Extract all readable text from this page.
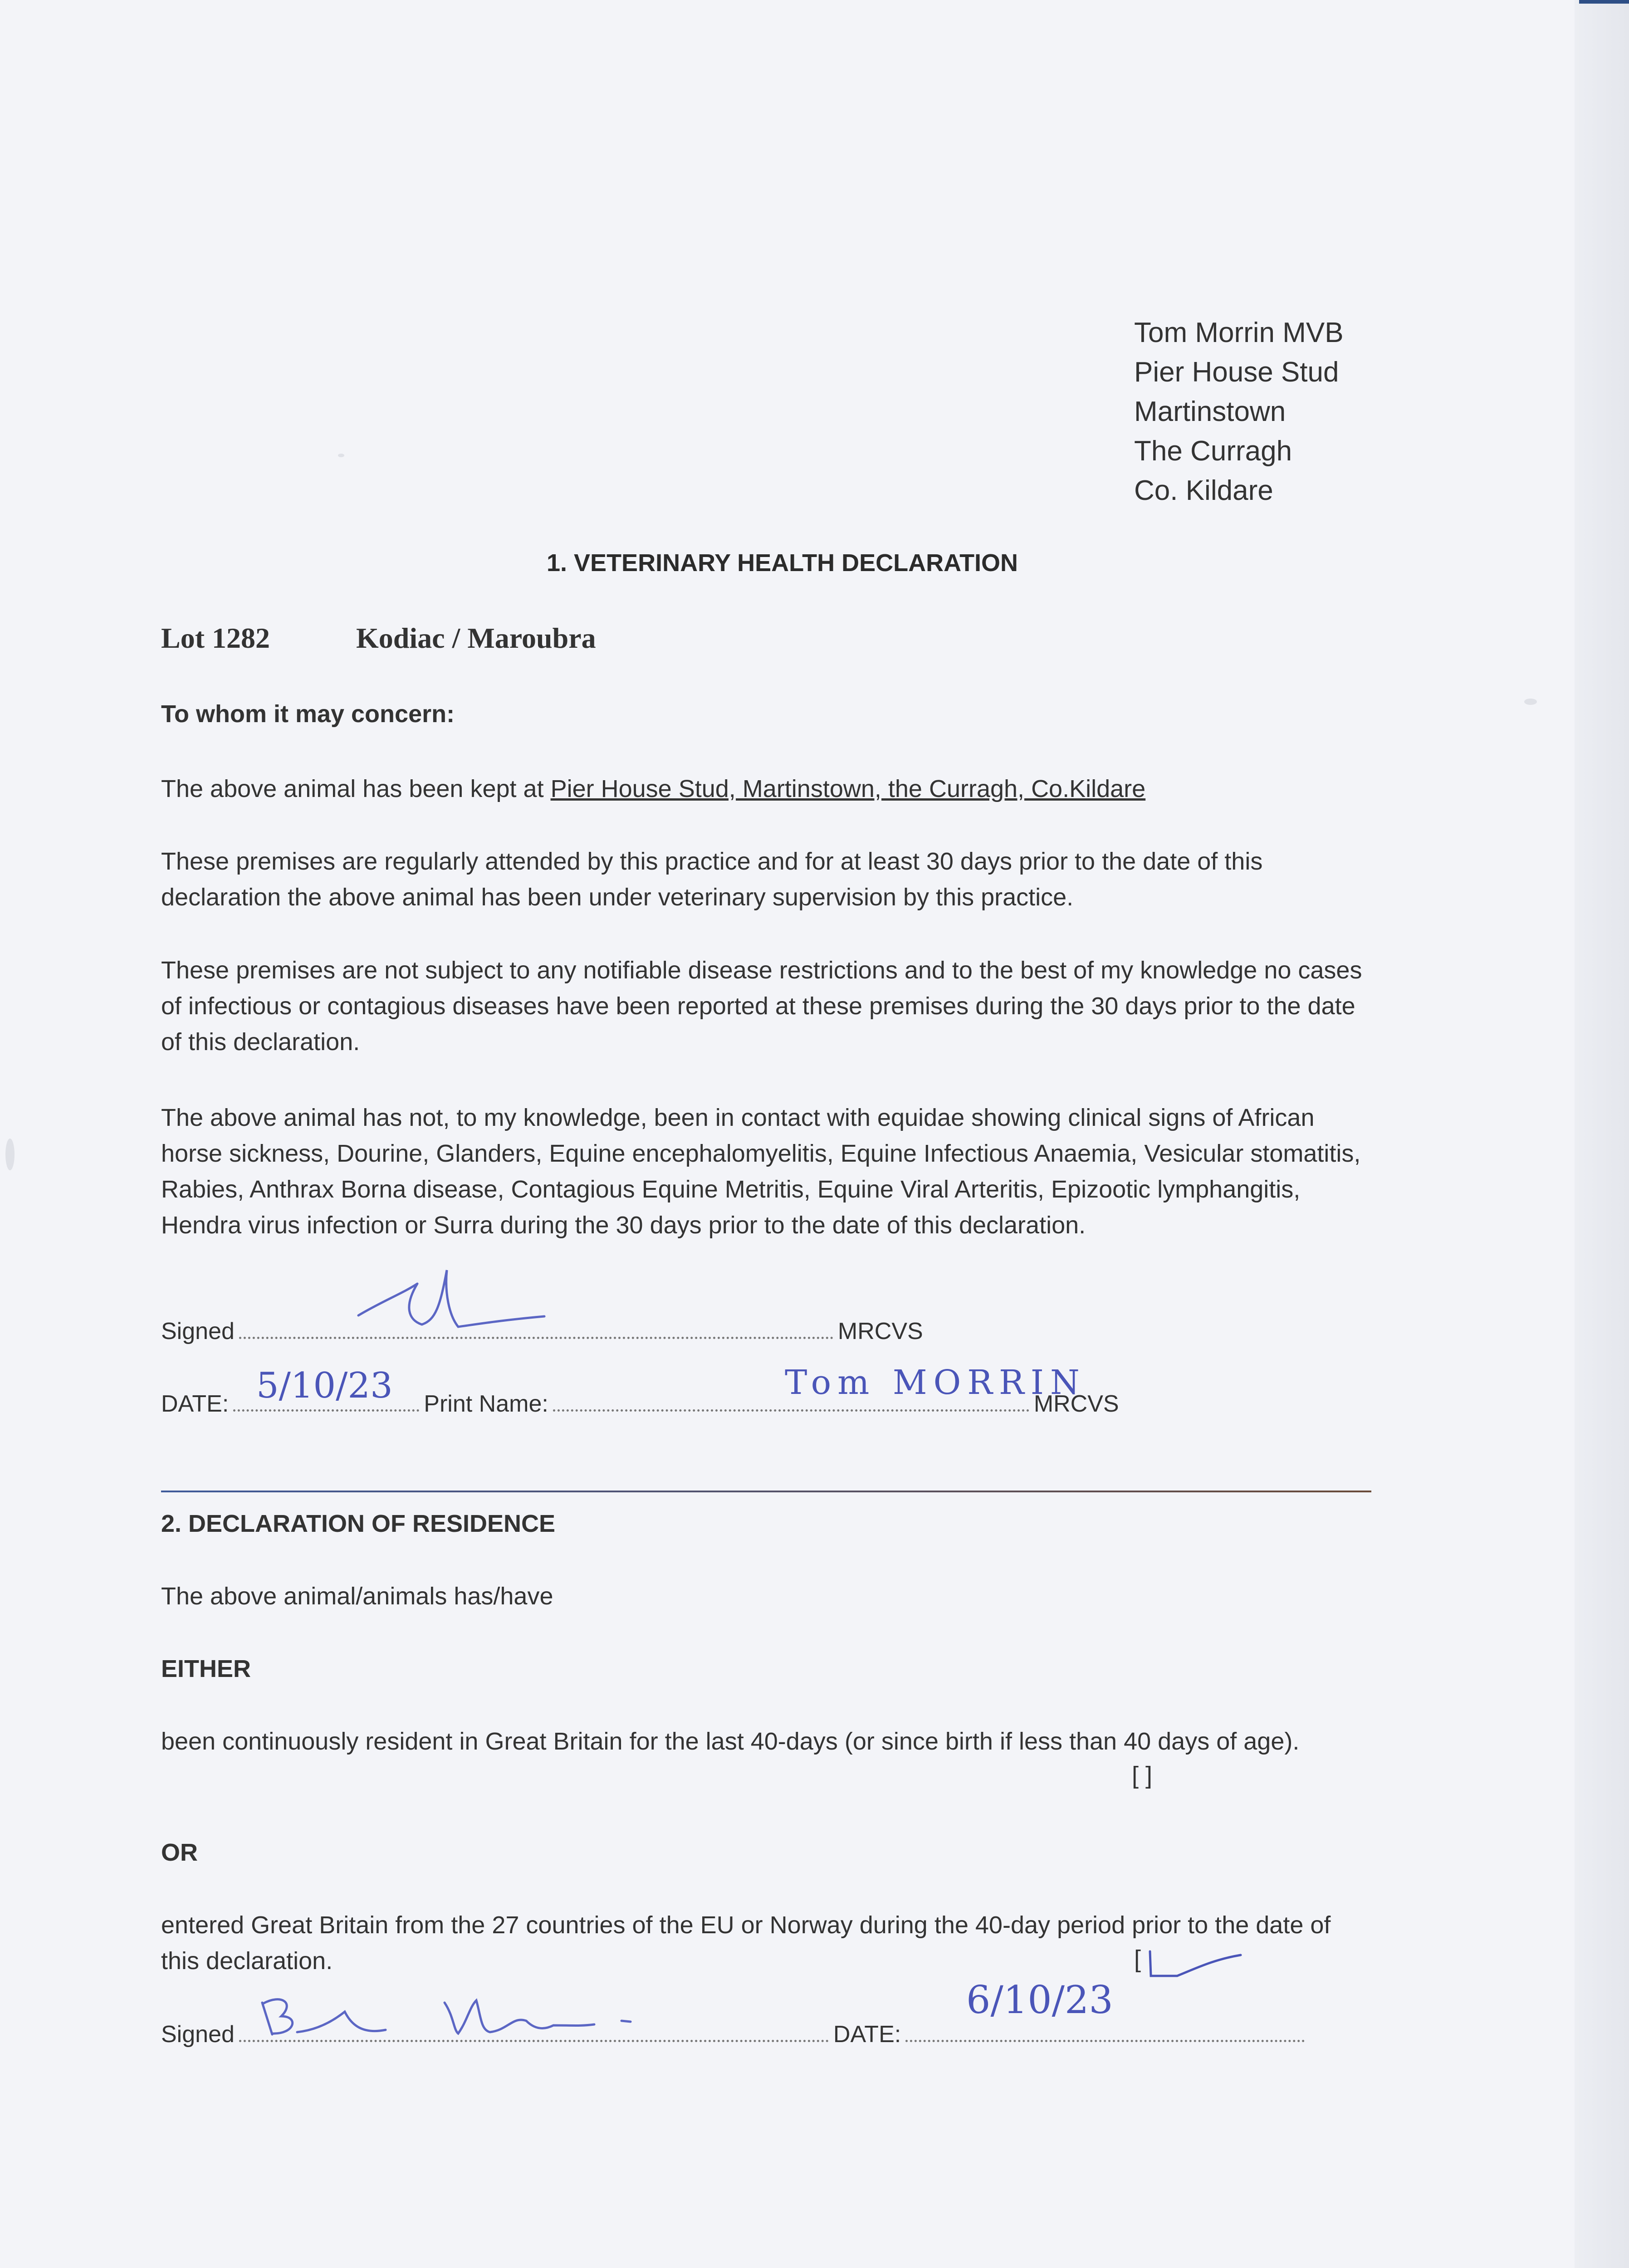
Tom Morrin MVB
Pier House Stud
Martinstown
The Curragh
Co. Kildare
1. VETERINARY HEALTH DECLARATION
Lot 1282	Kodiac / Maroubra
To whom it may concern:
The above animal has been kept at Pier House Stud, Martinstown, the Curragh, Co.Kildare
These premises are regularly attended by this practice and for at least 30 days prior to the date of this declaration the above animal has been under veterinary supervision by this practice.
These premises are not subject to any notifiable disease restrictions and to the best of my knowledge no cases of infectious or contagious diseases have been reported at these premises during the 30 days prior to the date of this declaration.
The above animal has not, to my knowledge, been in contact with equidae showing clinical signs of African horse sickness, Dourine, Glanders, Equine encephalomyelitis, Equine Infectious Anaemia, Vesicular stomatitis, Rabies, Anthrax Borna disease, Contagious Equine Metritis, Equine Viral Arteritis, Epizootic lymphangitis, Hendra virus infection or Surra during the 30 days prior to the date of this declaration.
Signed	MRCVS
DATE:	Print Name:	MRCVS
5/10/23	Tom MORRIN
2. DECLARATION OF RESIDENCE
The above animal/animals has/have
EITHER
been continuously resident in Great Britain for the last 40-days (or since birth if less than 40 days of age).
[ ]
OR
entered Great Britain from the 27 countries of the EU or Norway during the 40-day period prior to the date of this declaration.	[
Signed	DATE:
6/10/23
